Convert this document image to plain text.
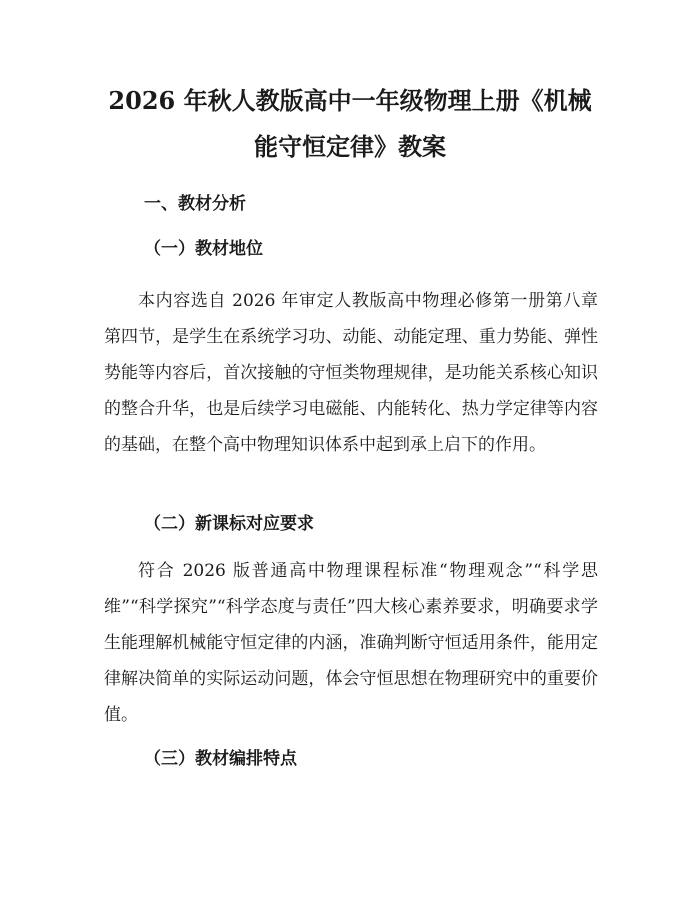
2026 年秋人教版高中一年级物理上册《机械
能守恒定律》教案
一、教材分析
（一）教材地位

本内容选自 2026 年审定人教版高中物理必修第一册第八章第四节，是学生在系统学习功、动能、动能定理、重力势能、弹性势能等内容后，首次接触的守恒类物理规律，是功能关系核心知识的整合升华，也是后续学习电磁能、内能转化、热力学定律等内容的基础，在整个高中物理知识体系中起到承上启下的作用。

（二）新课标对应要求

符合 2026 版普通高中物理课程标准“物理观念”“科学思维”“科学探究”“科学态度与责任”四大核心素养要求，明确要求学生能理解机械能守恒定律的内涵，准确判断守恒适用条件，能用定律解决简单的实际运动问题，体会守恒思想在物理研究中的重要价值。

（三）教材编排特点
